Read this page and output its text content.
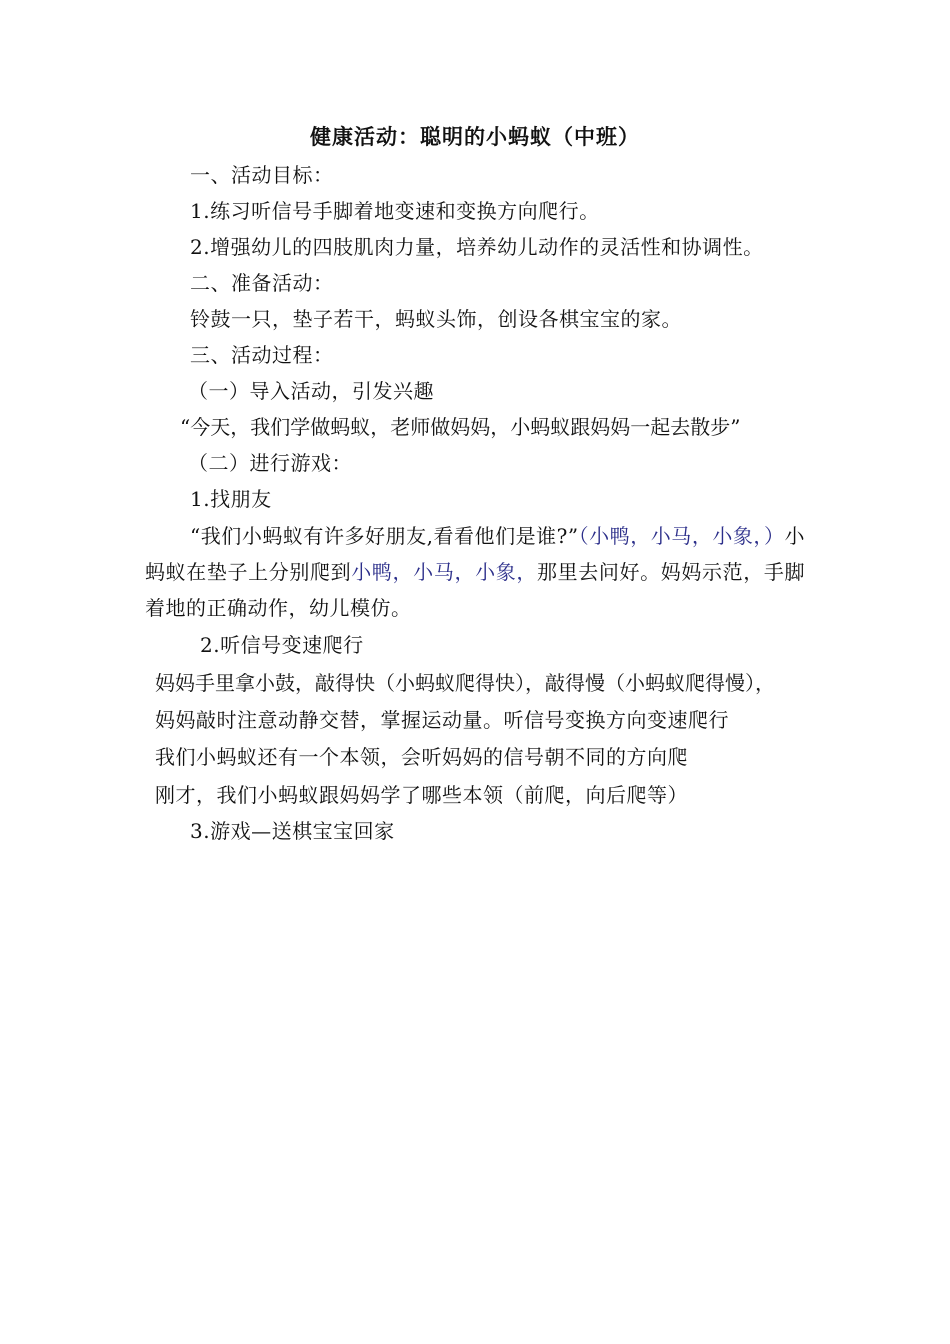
健康活动：聪明的小蚂蚁（中班）
一、活动目标：
1.练习听信号手脚着地变速和变换方向爬行。
2.增强幼儿的四肢肌肉力量，培养幼儿动作的灵活性和协调性。
二、准备活动：
铃鼓一只，垫子若干，蚂蚁头饰，创设各棋宝宝的家。
三、活动过程：
（一）导入活动，引发兴趣
“今天，我们学做蚂蚁，老师做妈妈，小蚂蚁跟妈妈一起去散步”
（二）进行游戏：
1.找朋友
“我们小蚂蚁有许多好朋友,看看他们是谁?”（小鸭，小马，小象，）小蚂蚁在垫子上分别爬到小鸭，小马，小象，那里去问好。妈妈示范，手脚着地的正确动作，幼儿模仿。
2.听信号变速爬行
妈妈手里拿小鼓，敲得快（小蚂蚁爬得快），敲得慢（小蚂蚁爬得慢），
妈妈敲时注意动静交替，掌握运动量。听信号变换方向变速爬行
我们小蚂蚁还有一个本领，会听妈妈的信号朝不同的方向爬
刚才，我们小蚂蚁跟妈妈学了哪些本领（前爬，向后爬等）
3.游戏—送棋宝宝回家
